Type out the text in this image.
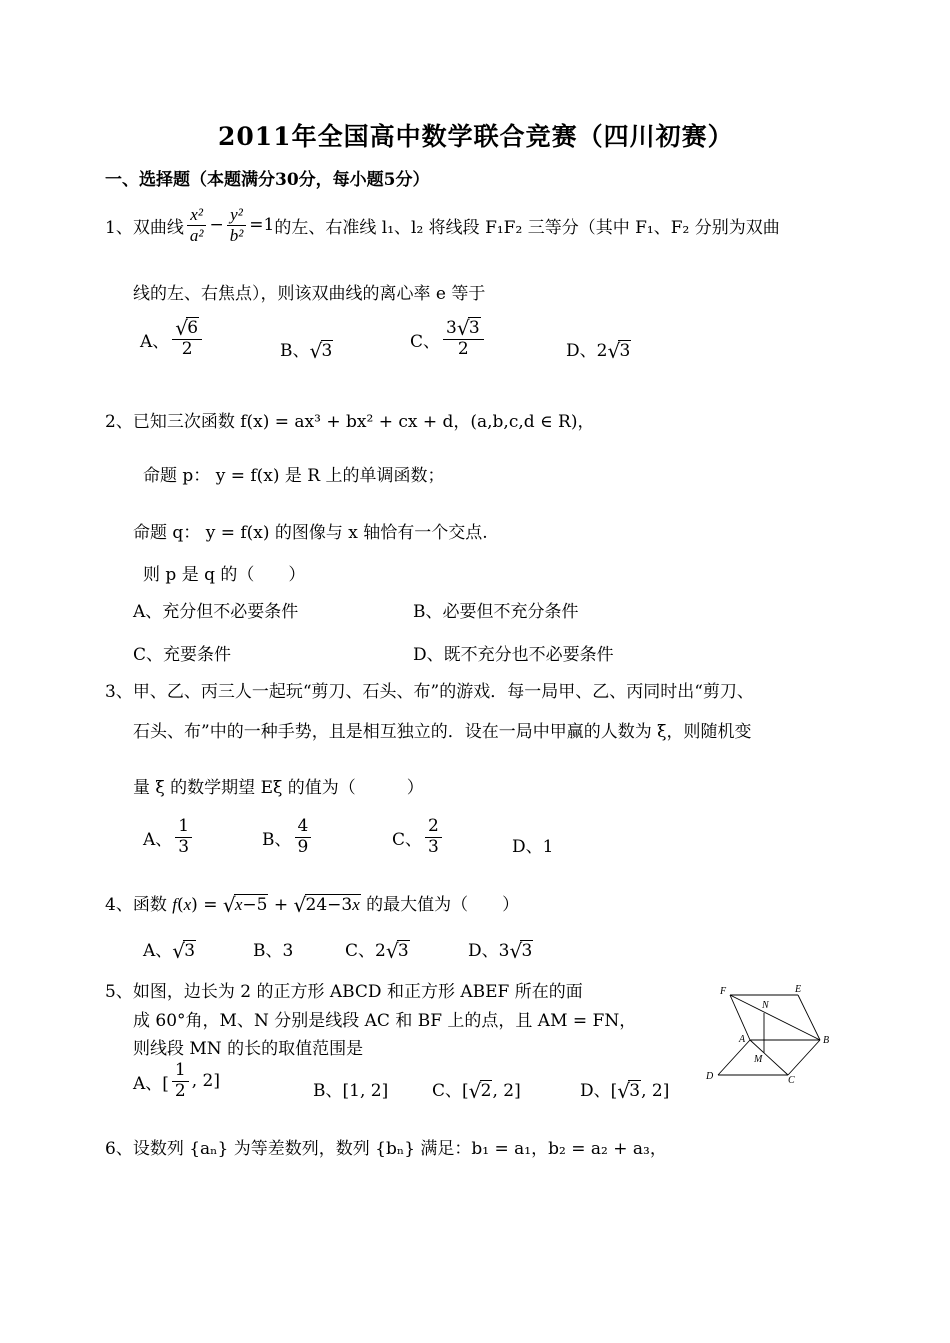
2011年全国高中数学联合竞赛（四川初赛）
一、选择题（本题满分30分，每小题5分）
1、 双曲线 $\frac{\text{x²}}{\text{a²}} - \frac{\text{y²}}{\text{b²}} =1$ 的左、右准线 l₁、l₂ 将线段 F₁F₂ 三等分（其中 F₁、F₂ 分别为双曲
线的左、右焦点），则该双曲线的离心率 e 等于
A、 √ $\frac{6}{2}$	B、 √ 3	C、 $\frac{3 √ 3}{2}$	D、2 √ 3
2、已知三次函数 f(x) = ax³ + bx² + cx + d，(a,b,c,d ∈ R)，
命题 p： y = f(x) 是 R 上的单调函数；
命题 q： y = f(x) 的图像与 x 轴恰有一个交点.
则 p 是 q 的（　　）
A、充分但不必要条件	B、必要但不充分条件
C、充要条件	D、既不充分也不必要条件
3、甲、乙、丙三人一起玩“剪刀、石头、布”的游戏．每一局甲、乙、丙同时出“剪刀、
石头、布”中的一种手势，且是相互独立的．设在一局中甲赢的人数为 ξ，则随机变
量 ξ 的数学期望 Eξ 的值为（　　　）
A、 $\frac{1}{3}$	B、 $\frac{4}{9}$	C、 $\frac{2}{3}$	D、1
4、函数 f(x) = √ x−5 + √ 24−3x 的最大值为（　　）
A、 √ 3	B、3	C、2 √ 3	D、3 √ 3
5、如图，边长为 2 的正方形 ABCD 和正方形 ABEF 所在的面
成 60°角，M、N 分别是线段 AC 和 BF 上的点，且 AM = FN，
则线段 MN 的长的取值范围是
A、[ $\frac{1}{2}$ , 2]	B、[1, 2]	C、[ √ 2, 2]	D、[ √ 3, 2]
F	E
N
A	B
M
D	C
6、设数列 {aₙ} 为等差数列，数列 {bₙ} 满足：b₁ = a₁，b₂ = a₂ + a₃，
